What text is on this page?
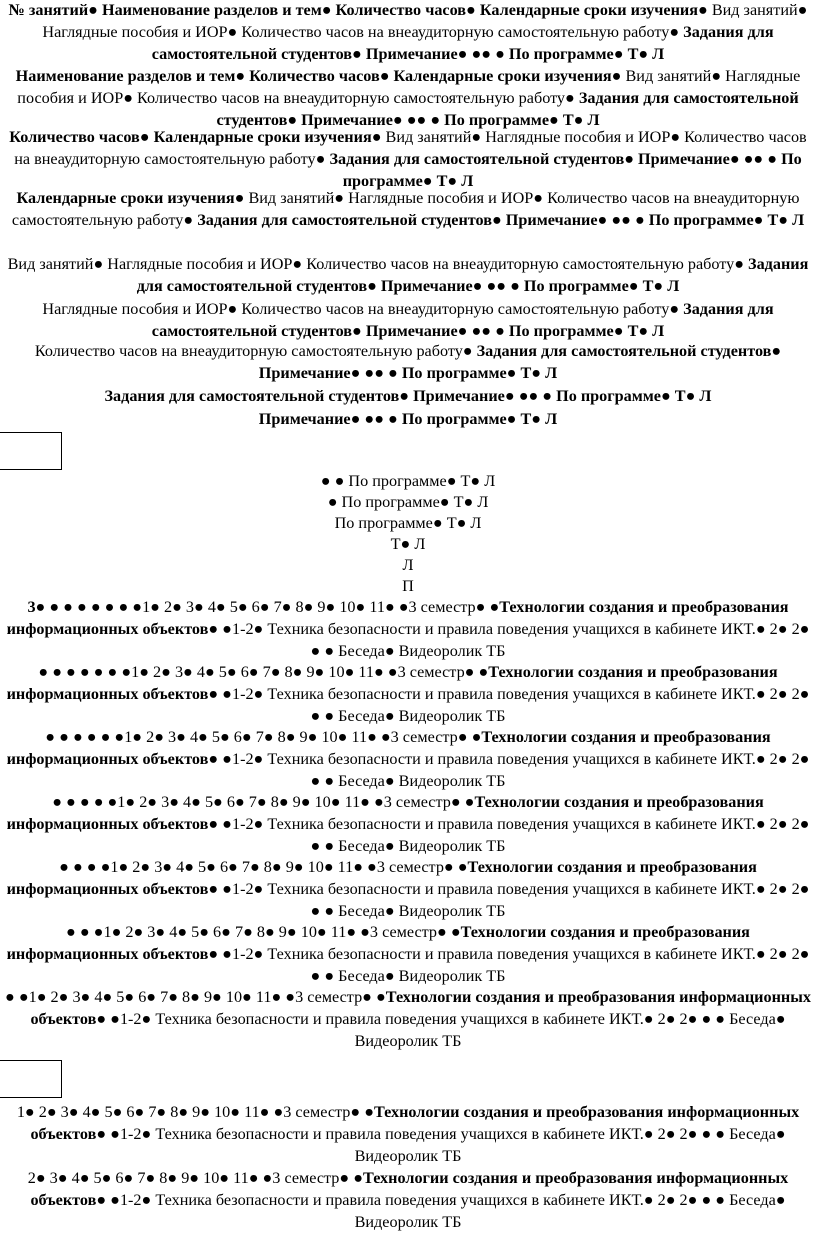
№ занятий● Наименование разделов и тем● Количество часов● Календарные сроки изучения● Вид занятий● Наглядные пособия и ИОР● Количество часов на внеаудиторную самостоятельную работу● Задания для самостоятельной студентов● Примечание● ●● ● По программе● Т● Л

Наименование разделов и тем● Количество часов● Календарные сроки изучения● Вид занятий● Наглядные пособия и ИОР● Количество часов на внеаудиторную самостоятельную работу● Задания для самостоятельной студентов● Примечание● ●● ● По программе● Т● Л

Количество часов● Календарные сроки изучения● Вид занятий● Наглядные пособия и ИОР● Количество часов на внеаудиторную самостоятельную работу● Задания для самостоятельной студентов● Примечание● ●● ● По программе● Т● Л

Календарные сроки изучения● Вид занятий● Наглядные пособия и ИОР● Количество часов на внеаудиторную самостоятельную работу● Задания для самостоятельной студентов● Примечание● ●● ● По программе● Т● Л

Вид занятий● Наглядные пособия и ИОР● Количество часов на внеаудиторную самостоятельную работу● Задания для самостоятельной студентов● Примечание● ●● ● По программе● Т● Л

Наглядные пособия и ИОР● Количество часов на внеаудиторную самостоятельную работу● Задания для самостоятельной студентов● Примечание● ●● ● По программе● Т● Л

Количество часов на внеаудиторную самостоятельную работу● Задания для самостоятельной студентов● Примечание● ●● ● По программе● Т● Л

Задания для самостоятельной студентов● Примечание● ●● ● По программе● Т● Л

Примечание● ●● ● По программе● Т● Л

● ● По программе● Т● Л

● По программе● Т● Л

По программе● Т● Л

Т● Л

Л

П

3● ● ● ● ● ● ● ●1● 2● 3● 4● 5● 6● 7● 8● 9● 10● 11● ●3 семестр● ●Технологии создания и преобразования информационных объектов● ●1-2● Техника безопасности и правила поведения учащихся в кабинете ИКТ.● 2● 2● ● ● Беседа● Видеоролик ТБ

● ● ● ● ● ● ●1● 2● 3● 4● 5● 6● 7● 8● 9● 10● 11● ●3 семестр● ●Технологии создания и преобразования информационных объектов● ●1-2● Техника безопасности и правила поведения учащихся в кабинете ИКТ.● 2● 2● ● ● Беседа● Видеоролик ТБ

● ● ● ● ● ●1● 2● 3● 4● 5● 6● 7● 8● 9● 10● 11● ●3 семестр● ●Технологии создания и преобразования информационных объектов● ●1-2● Техника безопасности и правила поведения учащихся в кабинете ИКТ.● 2● 2● ● ● Беседа● Видеоролик ТБ

● ● ● ● ●1● 2● 3● 4● 5● 6● 7● 8● 9● 10● 11● ●3 семестр● ●Технологии создания и преобразования информационных объектов● ●1-2● Техника безопасности и правила поведения учащихся в кабинете ИКТ.● 2● 2● ● ● Беседа● Видеоролик ТБ

● ● ● ●1● 2● 3● 4● 5● 6● 7● 8● 9● 10● 11● ●3 семестр● ●Технологии создания и преобразования информационных объектов● ●1-2● Техника безопасности и правила поведения учащихся в кабинете ИКТ.● 2● 2● ● ● Беседа● Видеоролик ТБ

● ● ●1● 2● 3● 4● 5● 6● 7● 8● 9● 10● 11● ●3 семестр● ●Технологии создания и преобразования информационных объектов● ●1-2● Техника безопасности и правила поведения учащихся в кабинете ИКТ.● 2● 2● ● ● Беседа● Видеоролик ТБ

● ●1● 2● 3● 4● 5● 6● 7● 8● 9● 10● 11● ●3 семестр● ●Технологии создания и преобразования информационных объектов● ●1-2● Техника безопасности и правила поведения учащихся в кабинете ИКТ.● 2● 2● ● ● Беседа● Видеоролик ТБ

1● 2● 3● 4● 5● 6● 7● 8● 9● 10● 11● ●3 семестр● ●Технологии создания и преобразования информационных объектов● ●1-2● Техника безопасности и правила поведения учащихся в кабинете ИКТ.● 2● 2● ● ● Беседа● Видеоролик ТБ

2● 3● 4● 5● 6● 7● 8● 9● 10● 11● ●3 семестр● ●Технологии создания и преобразования информационных объектов● ●1-2● Техника безопасности и правила поведения учащихся в кабинете ИКТ.● 2● 2● ● ● Беседа● Видеоролик ТБ
